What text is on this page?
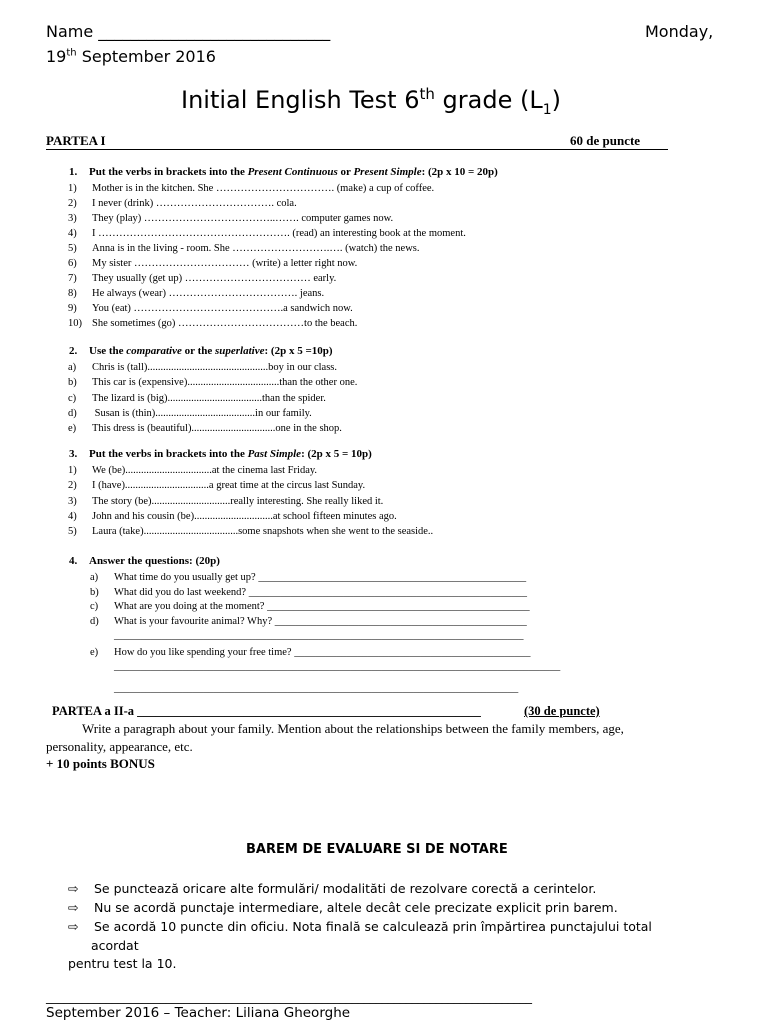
Name _____________________________	Monday,
19th September 2016
Initial English Test 6th grade $(L_1)$
PARTEA I	60 de puncte
1. Put the verbs in brackets into the Present Continuous or Present Simple: (2p x 10 = 20p)
1) Mother is in the kitchen. She ……………………………. (make) a cup of coffee.
2) I never (drink) ……………………………. cola.
3) They (play) ………………………………..……. computer games now.
4) I ………………………………………………. (read) an interesting book at the moment.
5) Anna is in the living - room. She ……………………….…. (watch) the news.
6) My sister …………………………… (write) a letter right now.
7) They usually (get up) ……………………………… early.
8) He always (wear) ………………………………. jeans.
9) You (eat) …………………………………….a sandwich now.
10) She sometimes (go) ………………………………to the beach.
2. Use the comparative or the superlative: (2p x 5 =10p)
a) Chris is (tall)..............................................boy in our class.
b) This car is (expensive)...................................than the other one.
c) The lizard is (big)....................................than the spider.
d) Susan is (thin)......................................in our family.
e) This dress is (beautiful)................................one in the shop.
3. Put the verbs in brackets into the Past Simple: (2p x 5 = 10p)
1) We (be).................................at the cinema last Friday.
2) I (have)................................a great time at the circus last Sunday.
3) The story (be)..............................really interesting. She really liked it.
4) John and his cousin (be)..............................at school fifteen minutes ago.
5) Laura (take)....................................some snapshots when she went to the seaside..
4. Answer the questions: (20p)
a) What time do you usually get up? ___________________________________________________
b) What did you do last weekend? _____________________________________________________
c) What are you doing at the moment? __________________________________________________
d) What is your favourite animal? Why? ________________________________________________
______________________________________________________________________________
e) How do you like spending your free time? _____________________________________________
_____________________________________________________________________________________
_____________________________________________________________________________
PARTEA a II-a _______________________________________________________	(30 de puncte)
Write a paragraph about your family. Mention about the relationships between the family members, age,
personality, appearance, etc.
+ 10 points BONUS
BAREM DE EVALUARE SI DE NOTARE
⇨ Se punctează oricare alte formulări/ modalităti de rezolvare corectă a cerintelor.
⇨ Nu se acordă punctaje intermediare, altele decât cele precizate explicit prin barem.
⇨ Se acordă 10 puncte din oficiu. Nota finală se calculează prin împărtirea punctajului total
acordat
pentru test la 10.
_________________________________________________________________________________
September 2016 – Teacher: Liliana Gheorghe
